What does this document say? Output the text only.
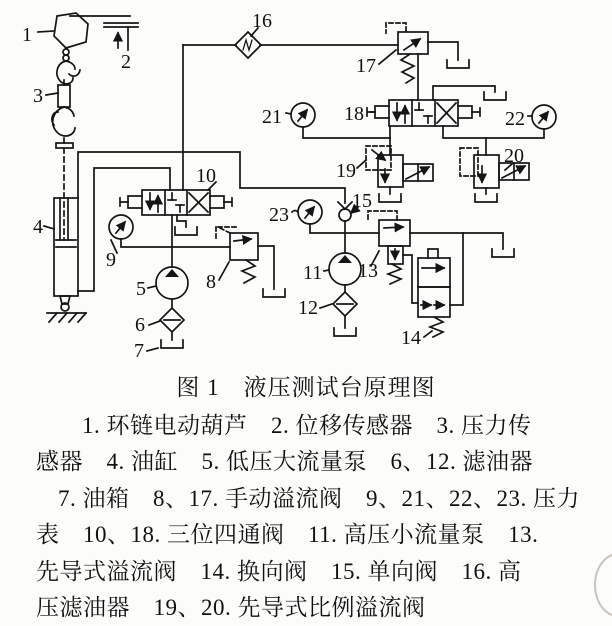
1
2
3
4
5
6
7
8
9
10
11
12
13
14
15
16
17
18
19
20
21	22
23
图 1　液压测试台原理图
1. 环链电动葫芦　2. 位移传感器　3. 压力传
感器　4. 油缸　5. 低压大流量泵　6、12. 滤油器
7. 油箱　8、17. 手动溢流阀　9、21、22、23. 压力
表　10、18. 三位四通阀　11. 高压小流量泵　13.
先导式溢流阀　14. 换向阀　15. 单向阀　16. 高
压滤油器　19、20. 先导式比例溢流阀
